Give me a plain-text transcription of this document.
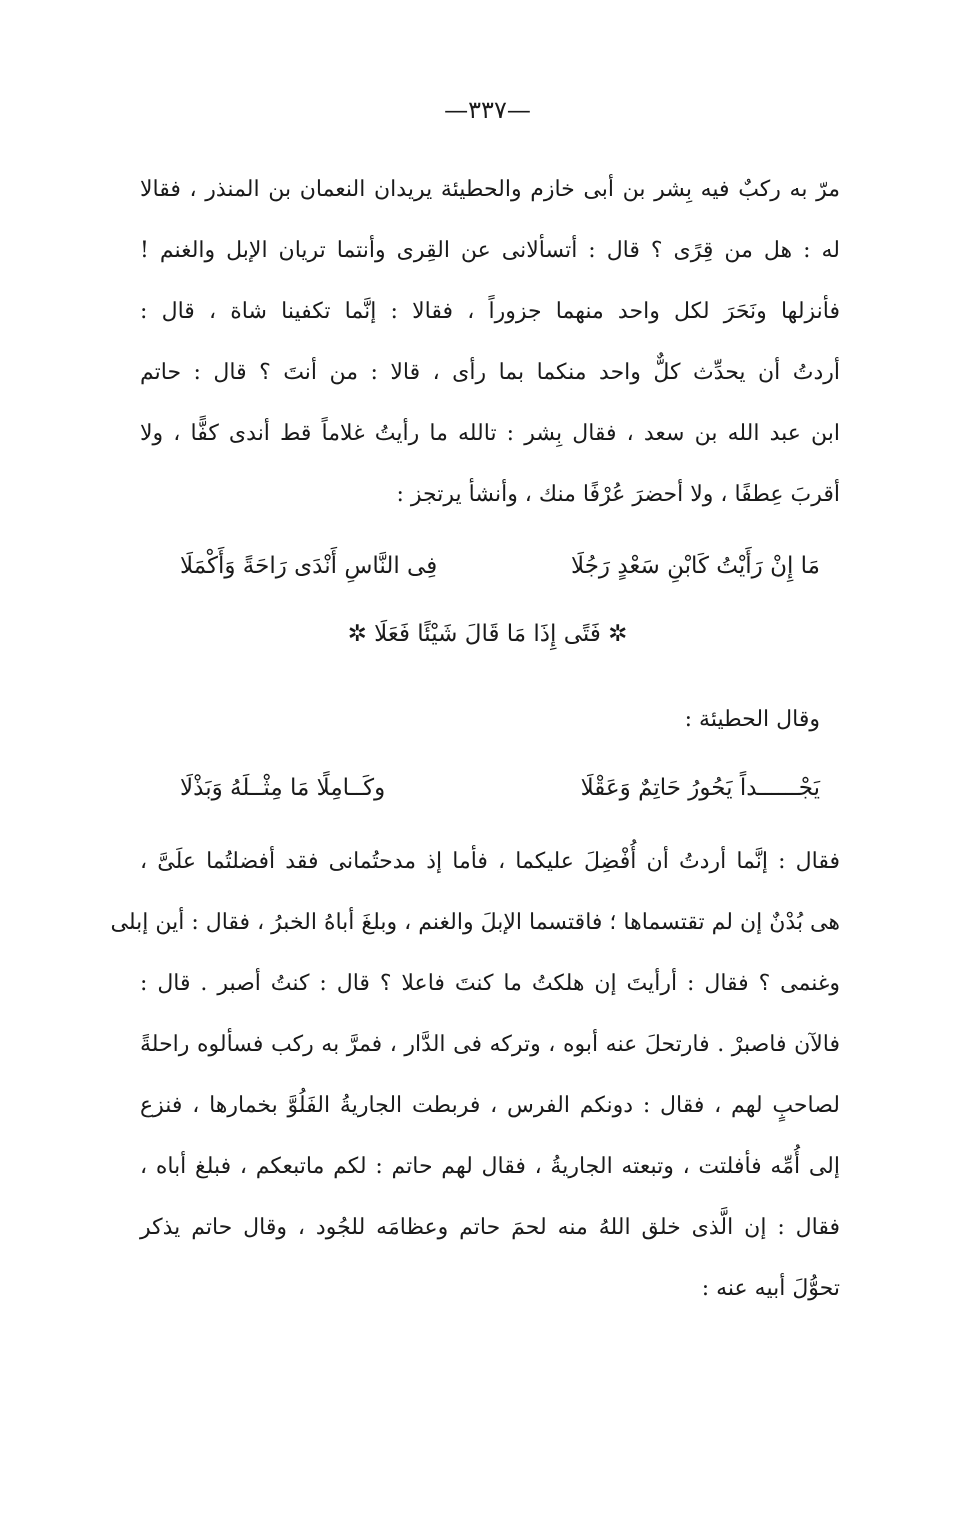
—٣٣٧—
مرّ به ركبٌ فيه بِشر بن أبى خازم والحطيئة يريدان النعمان بن المنذر ، فقالا
له : هل من قِرًى ؟ قال : أتسألانى عن القِرى وأنتما تريان الإبل والغنم !
فأنزلها ونَحَرَ لكل واحد منهما جزوراً ، فقالا : إنَّما تكفينا شاة ، قال :
أردتُ أن يحدِّث كلٌّ واحد منكما بما رأى ، قالا : من أنتَ ؟ قال : حاتم
ابن عبد الله بن سعد ، فقال بِشر : تالله ما رأيتُ غلاماً قط أندى كفًّا ، ولا
أقربَ عِطفًا ، ولا أحضرَ عُرْفًا منك ، وأنشأ يرتجز :
مَا إِنْ رَأَيْتُ كَابْنِ سَعْدٍ رَجُلَا
فِى النَّاسِ أَنْدَى رَاحَةً وَأَكْمَلَا
✲ فَتًى إِذَا مَا قَالَ شَيْئًا فَعَلَا ✲
وقال الحطيئة :
يَجْــــــداً يَحُورُ حَاتِمٌ وَعَقْلَا
وكَــامِلًا مَا مِثْــلَهُ وَبَذْلَا
فقال : إنَّما أردتُ أن أُفْضِلَ عليكما ، فأما إذ مدحتُمانى فقد أفضلتُما علَىَّ ،
هى بُدْنٌ إن لم تقتسماها ؛ فاقتسما الإبلَ والغنم ، وبلغَ أباهُ الخبرُ ، فقال : أين إبلى
وغنمى ؟ فقال : أرأيتَ إن هلكتُ ما كنتَ فاعلا ؟ قال : كنتُ أصبر . قال :
فالآن فاصبرْ . فارتحلَ عنه أبوه ، وتركه فى الدَّار ، فمرَّ به ركب فسألوه راحلةً
لصاحبٍ لهم ، فقال : دونكم الفرس ، فربطت الجاريةُ الفَلُوَّ بخمارها ، فنزع
إلى أُمِّه فأفلتت ، وتبعته الجاريةُ ، فقال لهم حاتم : لكم ماتبعكم ، فبلغ أباه ،
فقال : إن الَّذى خلق اللهُ منه لحمَ حاتم وعظامَه للجُود ، وقال حاتم يذكر
تحوُّلَ أبيه عنه :
